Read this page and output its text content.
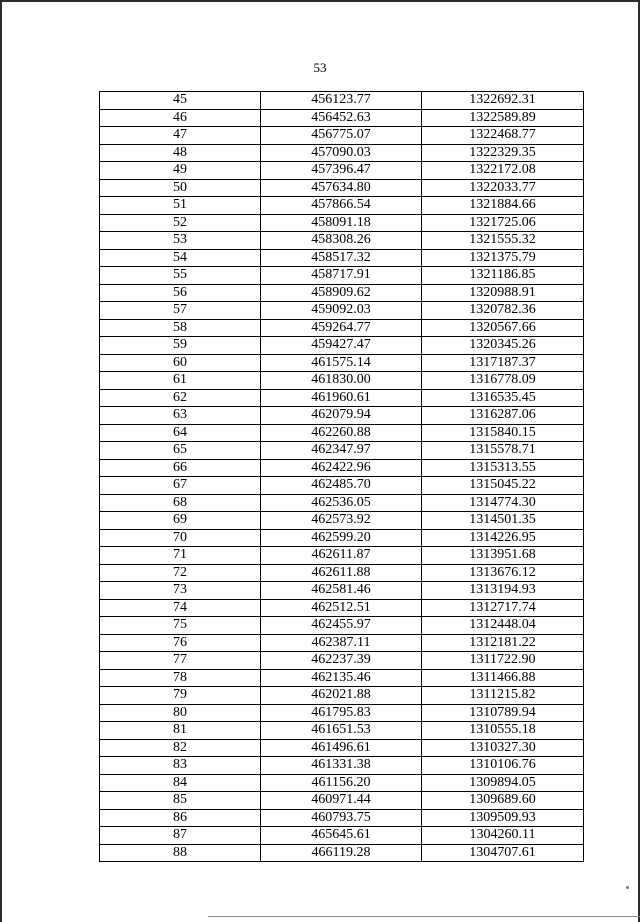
53
45	456123.77	1322692.31
46	456452.63	1322589.89
47	456775.07	1322468.77
48	457090.03	1322329.35
49	457396.47	1322172.08
50	457634.80	1322033.77
51	457866.54	1321884.66
52	458091.18	1321725.06
53	458308.26	1321555.32
54	458517.32	1321375.79
55	458717.91	1321186.85
56	458909.62	1320988.91
57	459092.03	1320782.36
58	459264.77	1320567.66
59	459427.47	1320345.26
60	461575.14	1317187.37
61	461830.00	1316778.09
62	461960.61	1316535.45
63	462079.94	1316287.06
64	462260.88	1315840.15
65	462347.97	1315578.71
66	462422.96	1315313.55
67	462485.70	1315045.22
68	462536.05	1314774.30
69	462573.92	1314501.35
70	462599.20	1314226.95
71	462611.87	1313951.68
72	462611.88	1313676.12
73	462581.46	1313194.93
74	462512.51	1312717.74
75	462455.97	1312448.04
76	462387.11	1312181.22
77	462237.39	1311722.90
78	462135.46	1311466.88
79	462021.88	1311215.82
80	461795.83	1310789.94
81	461651.53	1310555.18
82	461496.61	1310327.30
83	461331.38	1310106.76
84	461156.20	1309894.05
85	460971.44	1309689.60
86	460793.75	1309509.93
87	465645.61	1304260.11
88	466119.28	1304707.61
